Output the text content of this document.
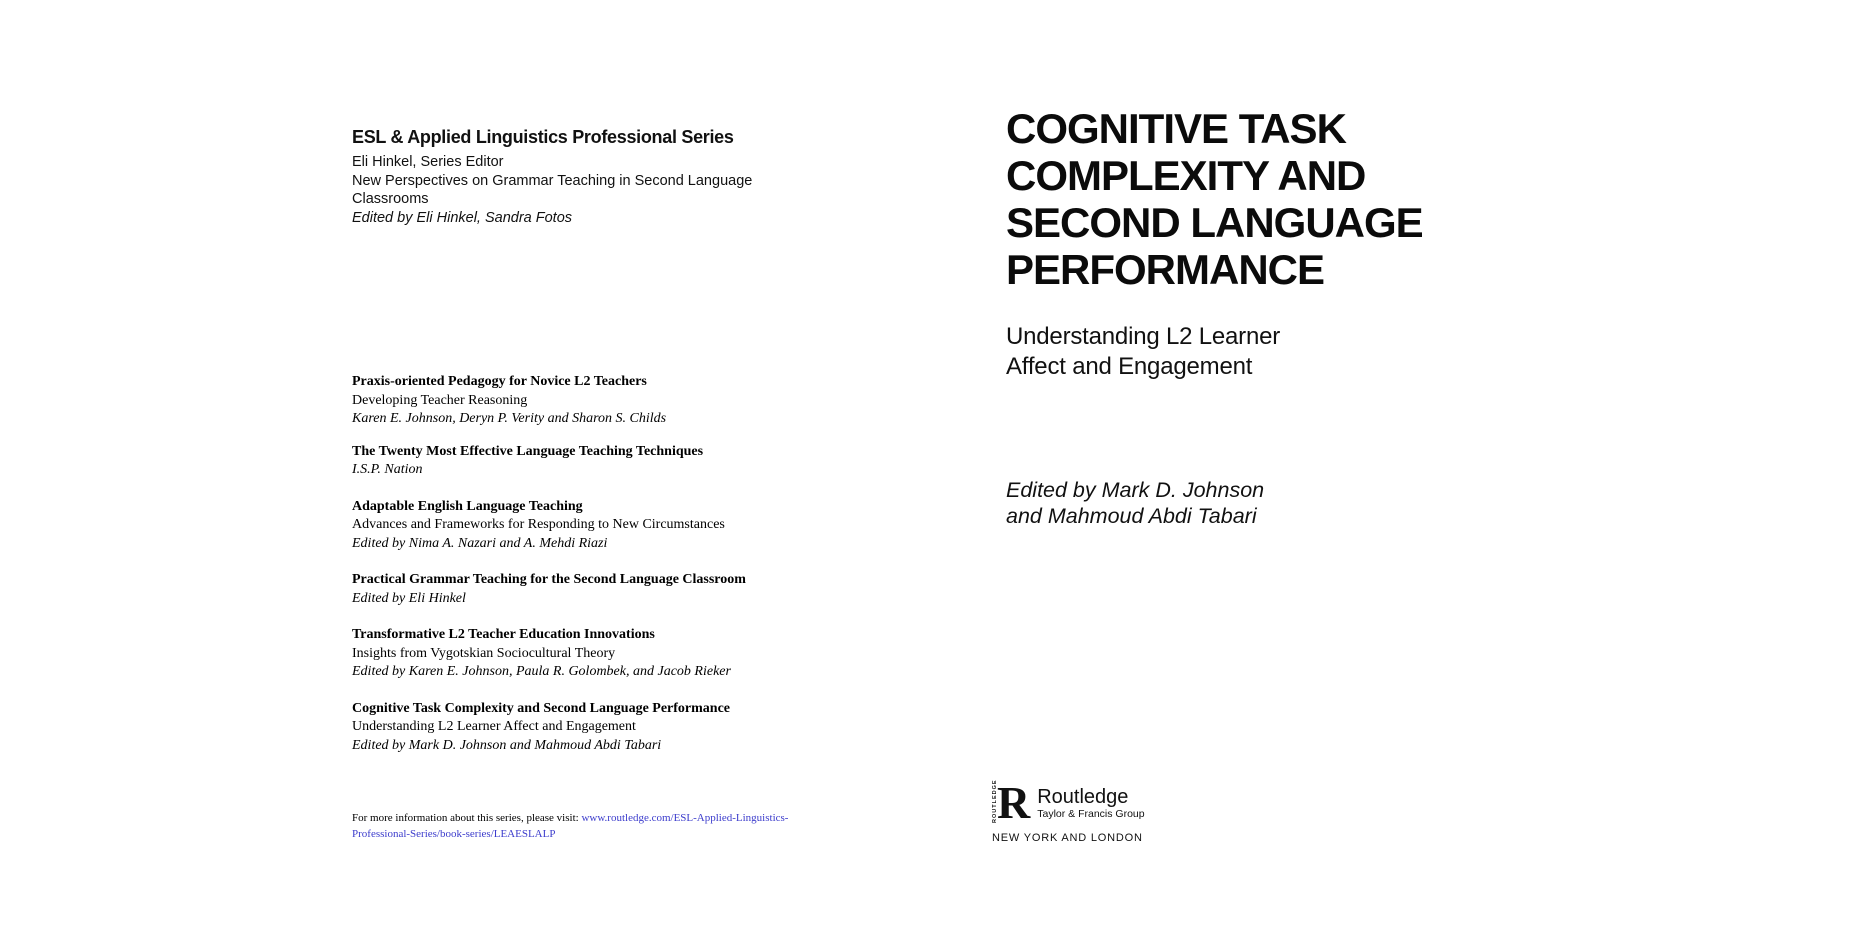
ESL & Applied Linguistics Professional Series
Eli Hinkel, Series Editor
New Perspectives on Grammar Teaching in Second Language
Classrooms
Edited by Eli Hinkel, Sandra Fotos
Praxis-oriented Pedagogy for Novice L2 Teachers
Developing Teacher Reasoning
Karen E. Johnson, Deryn P. Verity and Sharon S. Childs
The Twenty Most Effective Language Teaching Techniques
I.S.P. Nation
Adaptable English Language Teaching
Advances and Frameworks for Responding to New Circumstances
Edited by Nima A. Nazari and A. Mehdi Riazi
Practical Grammar Teaching for the Second Language Classroom
Edited by Eli Hinkel
Transformative L2 Teacher Education Innovations
Insights from Vygotskian Sociocultural Theory
Edited by Karen E. Johnson, Paula R. Golombek, and Jacob Rieker
Cognitive Task Complexity and Second Language Performance
Understanding L2 Learner Affect and Engagement
Edited by Mark D. Johnson and Mahmoud Abdi Tabari
For more information about this series, please visit: www.routledge.com/ESL-Applied-Linguistics-
Professional-Series/book-series/LEAESLALP
COGNITIVE TASK
COMPLEXITY AND
SECOND LANGUAGE
PERFORMANCE
Understanding L2 Learner
Affect and Engagement
Edited by Mark D. Johnson
and Mahmoud Abdi Tabari
ROUTLEDGE R Routledge
Taylor & Francis Group
NEW YORK AND LONDON
